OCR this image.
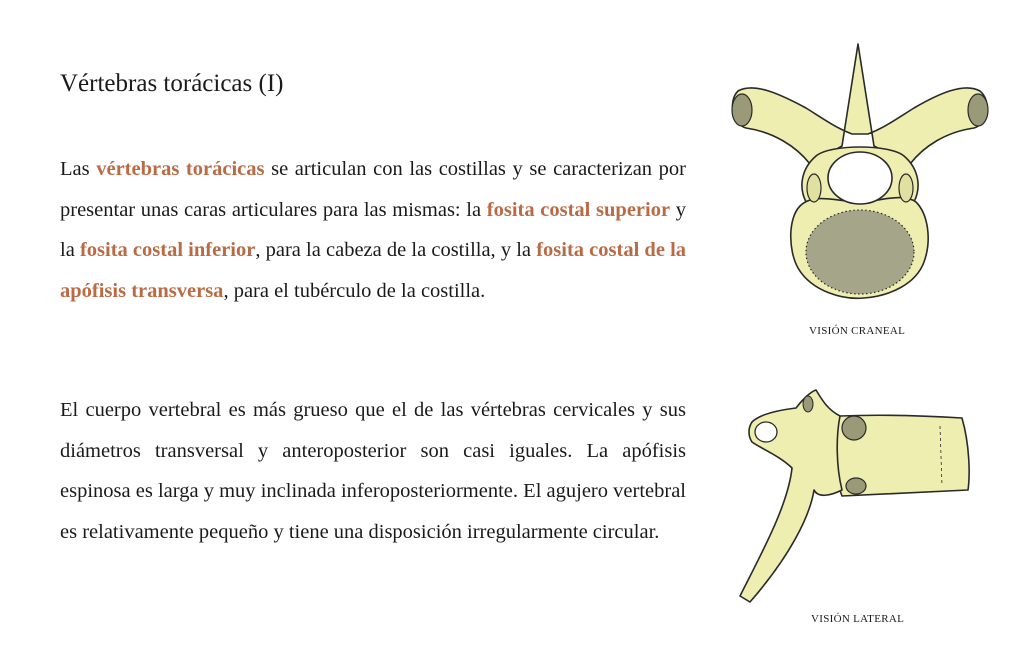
Vértebras torácicas (I)

Las vértebras torácicas se articulan con las costillas y se caracterizan por presentar unas caras articulares para las mismas: la fosita costal superior y la fosita costal inferior, para la cabeza de la costilla, y la fosita costal de la apófisis transversa, para el tubérculo de la costilla.

El cuerpo vertebral es más grueso que el de las vértebras cervicales y sus diámetros transversal y anteroposterior son casi iguales. La apófisis espinosa es larga y muy inclinada inferoposteriormente. El agujero vertebral es relativamente pequeño y tiene una disposición irregularmente circular.

VISIÓN CRANEAL
VISIÓN LATERAL
